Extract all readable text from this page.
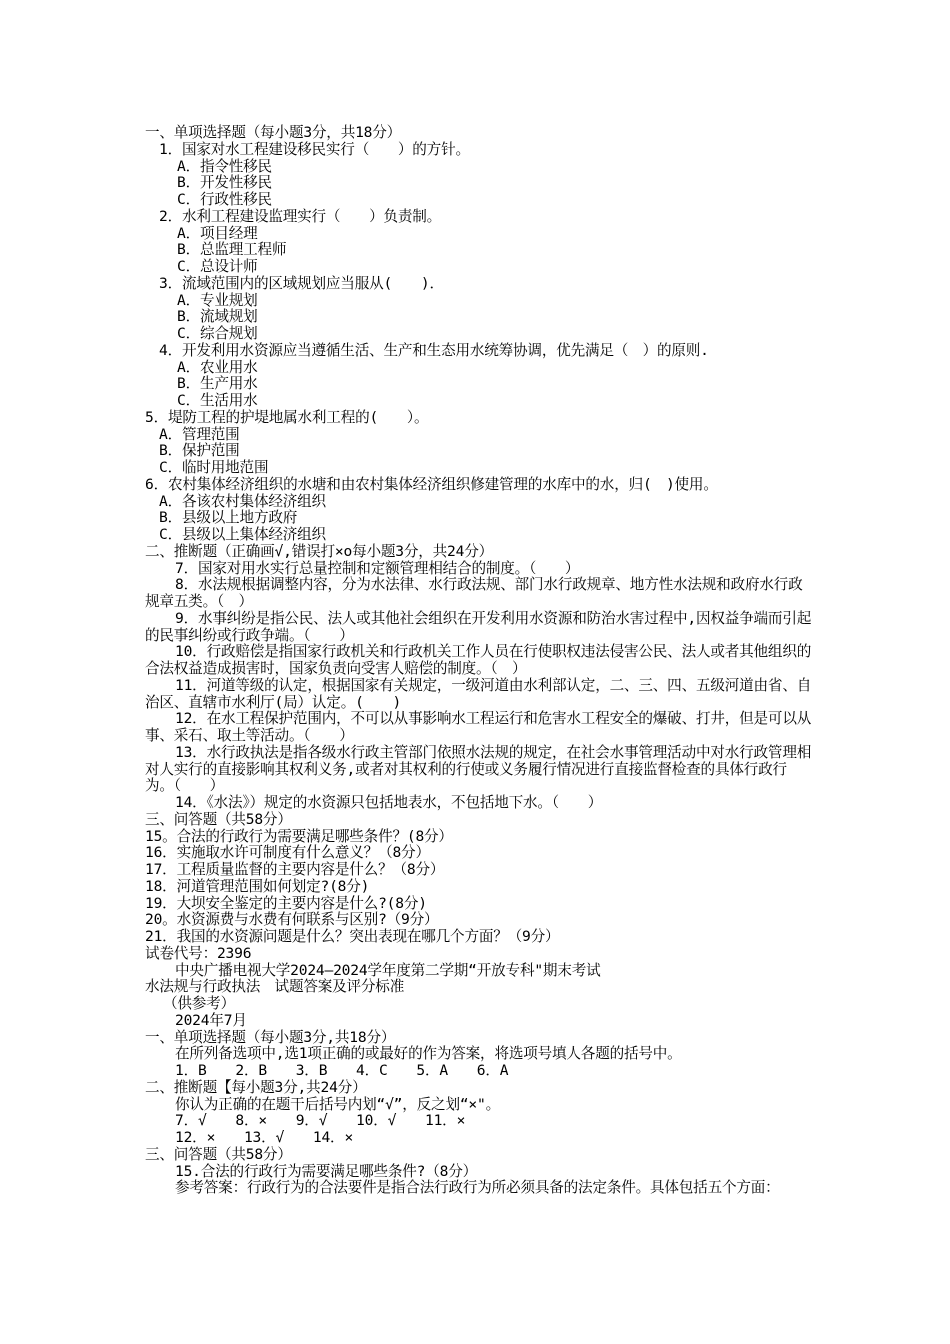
一、单项选择题（每小题3分，共18分）
1．国家对水工程建设移民实行（　　）的方针。
A．指令性移民
B．开发性移民
C．行政性移民
2．水利工程建设监理实行（　　）负责制。
A．项目经理
B．总监理工程师
C．总设计师
3．流域范围内的区域规划应当服从(　　)．
A．专业规划
B．流域规划
C．综合规划
4．开发利用水资源应当遵循生活、生产和生态用水统筹协调，优先满足（　）的原则.
A．农业用水
B．生产用水
C．生活用水
5．堤防工程的护堤地属水利工程的(　　）。
A．管理范围
B．保护范围
C．临时用地范围
6．农村集体经济组织的水塘和由农村集体经济组织修建管理的水库中的水，归(　)使用。
A．各该农村集体经济组织
B．县级以上地方政府
C．县级以上集体经济组织
二、推断题（正确画√,错误打×o每小题3分，共24分）
7．国家对用水实行总量控制和定额管理相结合的制度。（　　）
8．水法规根据调整内容，分为水法律、水行政法规、部门水行政规章、地方性水法规和政府水行政规章五类。（　）
9．水事纠纷是指公民、法人或其他社会组织在开发利用水资源和防治水害过程中,因权益争端而引起的民事纠纷或行政争端。（　　）
10．行政赔偿是指国家行政机关和行政机关工作人员在行使职权违法侵害公民、法人或者其他组织的合法权益造成损害时，国家负责向受害人赔偿的制度。（　）
11．河道等级的认定，根据国家有关规定，一级河道由水利部认定，二、三、四、五级河道由省、自治区、直辖市水利厅(局）认定。(　　)
12．在水工程保护范围内，不可以从事影响水工程运行和危害水工程安全的爆破、打井，但是可以从事、采石、取土等活动。（　　）
13．水行政执法是指各级水行政主管部门依照水法规的规定，在社会水事管理活动中对水行政管理相对人实行的直接影响其权利义务,或者对其权利的行使或义务履行情况进行直接监督检查的具体行政行为。（　　）
14．《水法》）规定的水资源只包括地表水，不包括地下水。（　　）
三、问答题（共58分）
15。合法的行政行为需要满足哪些条件？(8分）
16．实施取水许可制度有什么意义？（8分）
17．工程质量监督的主要内容是什么？（8分）
18．河道管理范围如何划定?(8分)
19．大坝安全鉴定的主要内容是什么?(8分)
20。水资源费与水费有何联系与区别?（9分）
21．我国的水资源问题是什么？突出表现在哪几个方面？（9分）
试卷代号：2396
中央广播电视大学2024—2024学年度第二学期“开放专科"期末考试
水法规与行政执法　试题答案及评分标准
（供参考）
2024年7月
一、单项选择题（每小题3分,共18分）
在所列备选项中,选1项正确的或最好的作为答案，将选项号填人各题的括号中。
1．B　　2．B　　3．B　　4．C　　5．A　　6．A
二、推断题【每小题3分,共24分）
你认为正确的在题干后括号内划“√”，反之划“×"。
7．√　　8．×　　9．√　　10．√　　11．×
12．×　　13．√　　14．×
三、问答题（共58分）
15.合法的行政行为需要满足哪些条件?（8分）
参考答案：行政行为的合法要件是指合法行政行为所必须具备的法定条件。具体包括五个方面：
